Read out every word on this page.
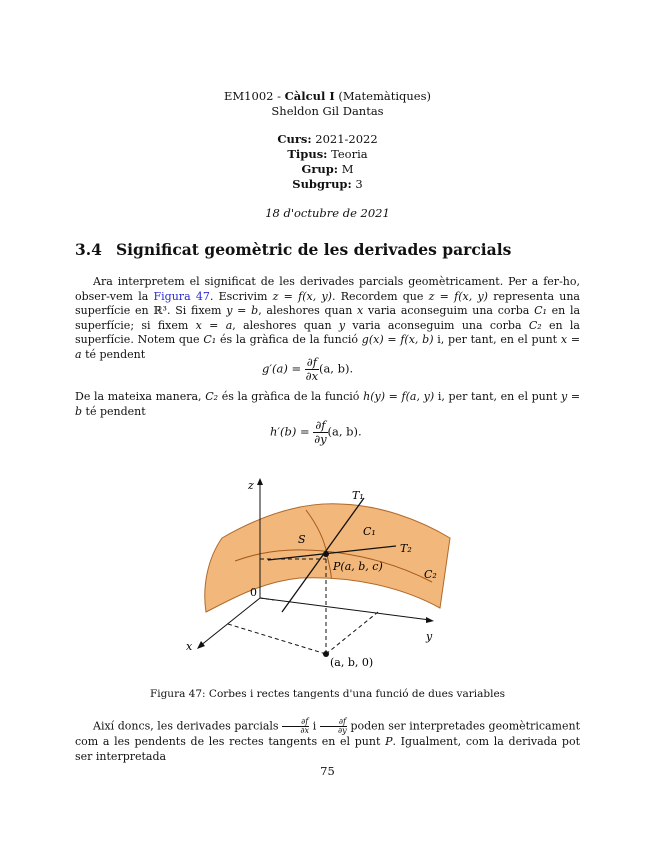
EM1002 - Càlcul I (Matemàtiques)
Sheldon Gil Dantas
Curs: 2021-2022
Tipus: Teoria
Grup: M
Subgrup: 3
18 d'octubre de 2021
3.4 Significat geomètric de les derivades parcials
Ara interpretem el significat de les derivades parcials geomètricament. Per a fer-ho, obser-vem la Figura 47. Escrivim z = f(x, y). Recordem que z = f(x, y) representa una superfície en ℝ³. Si fixem y = b, aleshores quan x varia aconseguim una corba C₁ en la superfície; si fixem x = a, aleshores quan y varia aconseguim una corba C₂ en la superfície. Notem que C₁ és la gràfica de la funció g(x) = f(x, b) i, per tant, en el punt x = a té pendent
$g'(a) = \frac{\partial f}{\partial x} (a$, b).
De la mateixa manera, C₂ és la gràfica de la funció h(y) = f(a, y) i, per tant, en el punt y = b té pendent
$h'(b) = \frac{\partial f}{\partial y} (a$, b).
z
y
x
0
T₁
T₂
C₁
C₂
S
P(a, b, c)
(a, b, 0)
Figura 47: Corbes i rectes tangents d'una funció de dues variables
Així doncs, les derivades parcials $\frac{\partial f}{\partial x}$ i $\frac{\partial f}{\partial y}$ poden ser interpretades geomètricament com a les pendents de les rectes tangents en el punt P. Igualment, com la derivada pot ser interpretada
75
